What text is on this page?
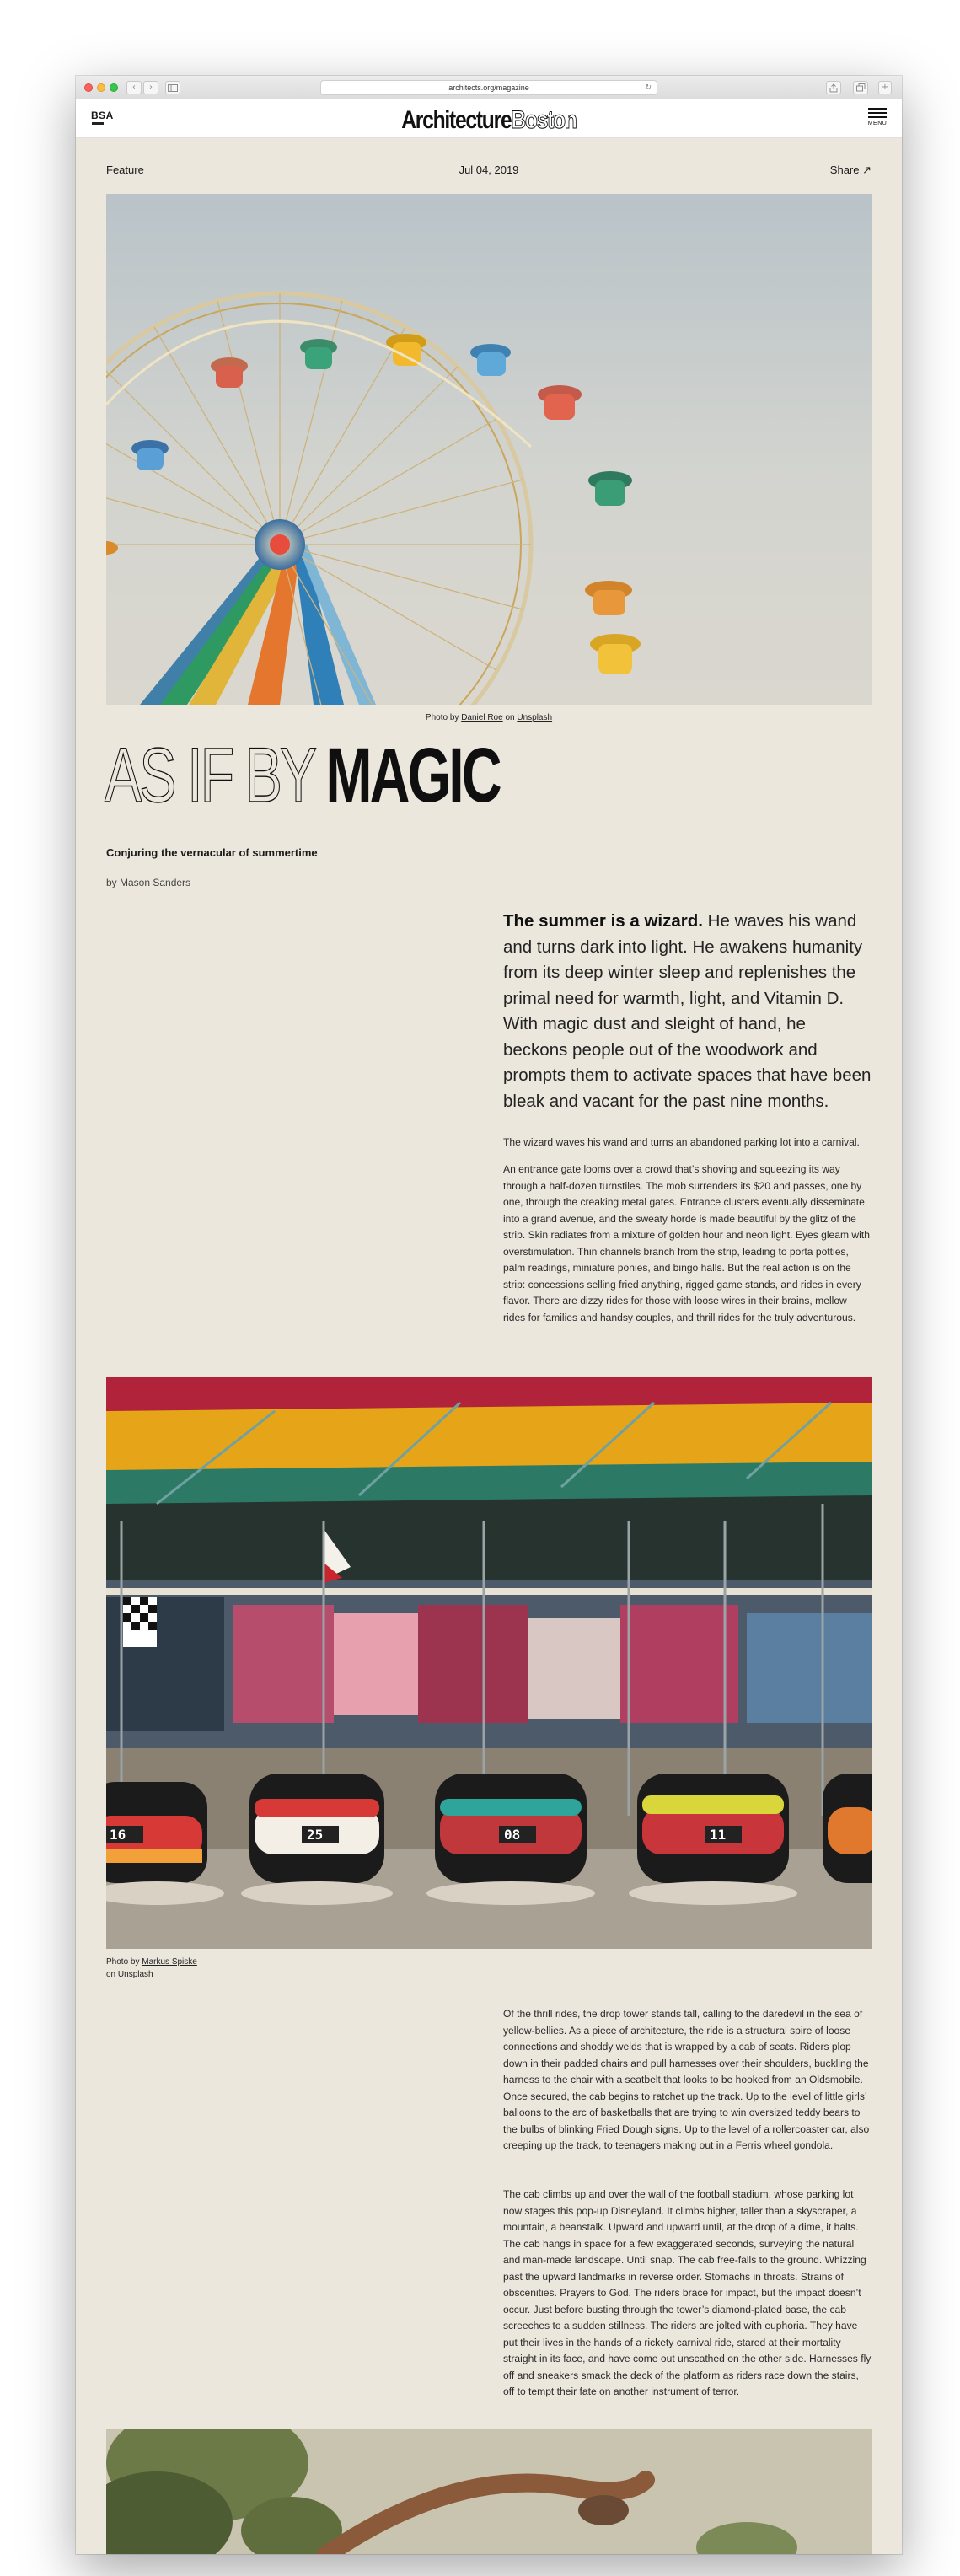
‹	›	architects.org/magazine	↻	+
BSA	ArchitectureBoston	MENU
Feature	Jul 04, 2019	Share ↗
Photo by Daniel Roe on Unsplash
AS IF BY MAGIC
Conjuring the vernacular of summertime
by Mason Sanders

The summer is a wizard. He waves his wand and turns dark into light. He awakens humanity from its deep winter sleep and replenishes the primal need for warmth, light, and Vitamin D. With magic dust and sleight of hand, he beckons people out of the woodwork and prompts them to activate spaces that have been bleak and vacant for the past nine months.

The wizard waves his wand and turns an abandoned parking lot into a carnival.

An entrance gate looms over a crowd that’s shoving and squeezing its way through a half-dozen turnstiles. The mob surrenders its $20 and passes, one by one, through the creaking metal gates. Entrance clusters eventually disseminate into a grand avenue, and the sweaty horde is made beautiful by the glitz of the strip. Skin radiates from a mixture of golden hour and neon light. Eyes gleam with overstimulation. Thin channels branch from the strip, leading to porta potties, palm readings, miniature ponies, and bingo halls. But the real action is on the strip: concessions selling fried anything, rigged game stands, and rides in every flavor. There are dizzy rides for those with loose wires in their brains, mellow rides for families and handsy couples, and thrill rides for the truly adventurous.

16	25	08	11
Photo by Markus Spiske
on Unsplash

Of the thrill rides, the drop tower stands tall, calling to the daredevil in the sea of yellow-bellies. As a piece of architecture, the ride is a structural spire of loose connections and shoddy welds that is wrapped by a cab of seats. Riders plop down in their padded chairs and pull harnesses over their shoulders, buckling the harness to the chair with a seatbelt that looks to be hooked from an Oldsmobile. Once secured, the cab begins to ratchet up the track. Up to the level of little girls’ balloons to the arc of basketballs that are trying to win oversized teddy bears to the bulbs of blinking Fried Dough signs. Up to the level of a rollercoaster car, also creeping up the track, to teenagers making out in a Ferris wheel gondola.

The cab climbs up and over the wall of the football stadium, whose parking lot now stages this pop-up Disneyland. It climbs higher, taller than a skyscraper, a mountain, a beanstalk. Upward and upward until, at the drop of a dime, it halts. The cab hangs in space for a few exaggerated seconds, surveying the natural and man-made landscape. Until snap. The cab free-falls to the ground. Whizzing past the upward landmarks in reverse order. Stomachs in throats. Strains of obscenities. Prayers to God. The riders brace for impact, but the impact doesn’t occur. Just before busting through the tower’s diamond-plated base, the cab screeches to a sudden stillness. The riders are jolted with euphoria. They have put their lives in the hands of a rickety carnival ride, stared at their mortality straight in its face, and have come out unscathed on the other side. Harnesses fly off and sneakers smack the deck of the platform as riders race down the stairs, off to tempt their fate on another instrument of terror.
